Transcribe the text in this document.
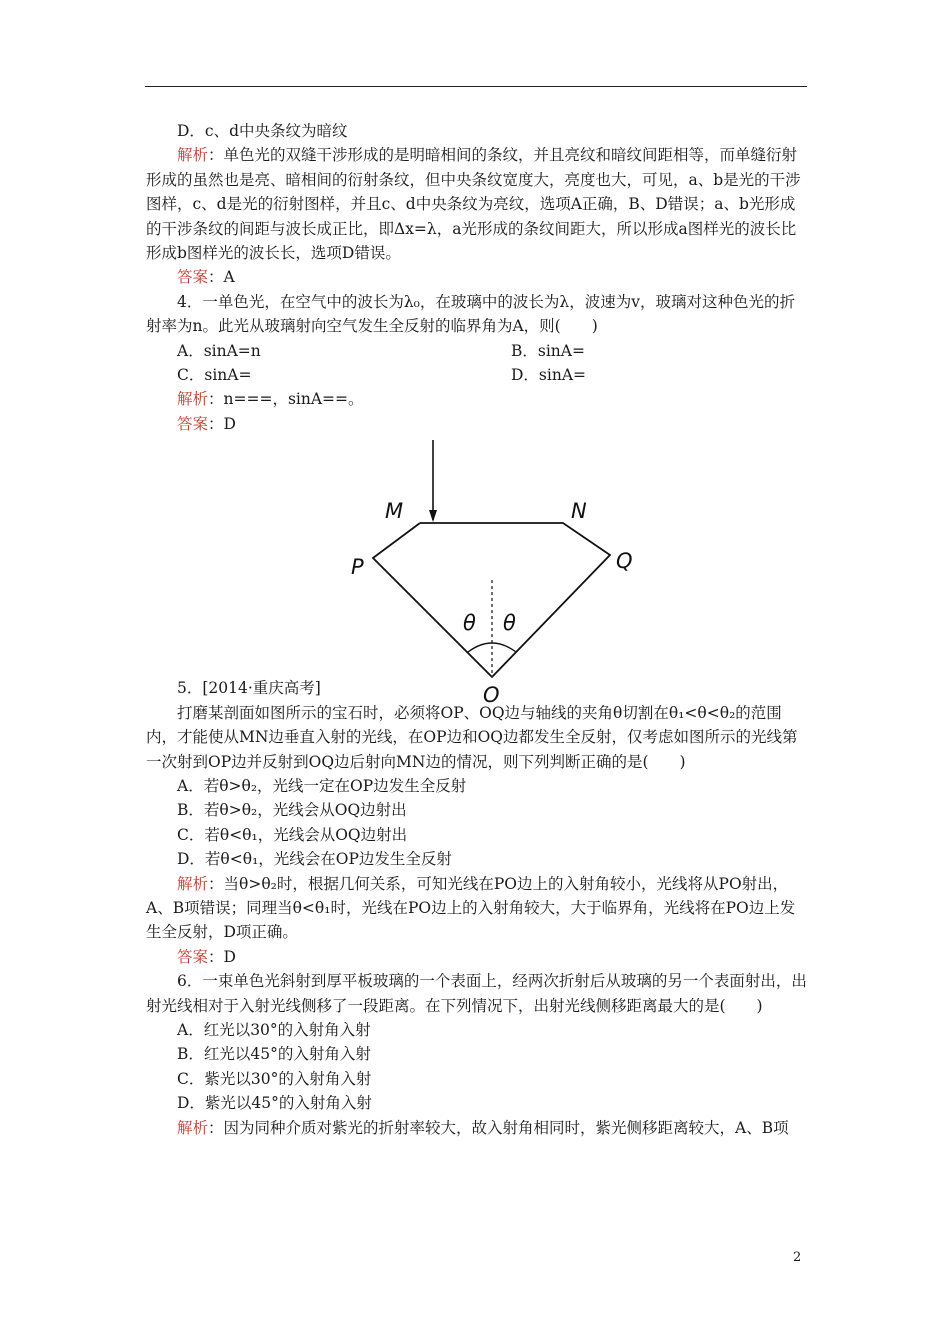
D．c、d中央条纹为暗纹

解析：单色光的双缝干涉形成的是明暗相间的条纹，并且亮纹和暗纹间距相等，而单缝衍射形成的虽然也是亮、暗相间的衍射条纹，但中央条纹宽度大，亮度也大，可见，a、b是光的干涉图样，c、d是光的衍射图样，并且c、d中央条纹为亮纹，选项A正确，B、D错误；a、b光形成的干涉条纹的间距与波长成正比，即Δx=λ，a光形成的条纹间距大，所以形成a图样光的波长比形成b图样光的波长长，选项D错误。

答案：A

4．一单色光，在空气中的波长为λ₀，在玻璃中的波长为λ，波速为v，玻璃对这种色光的折射率为n。此光从玻璃射向空气发生全反射的临界角为A，则(　　)

A．sinA=n	B．sinA=
C．sinA=	D．sinA=

解析：n===，sinA==。

答案：D

M	N
P	Q
θ θ
O

5．[2014·重庆高考]

打磨某剖面如图所示的宝石时，必须将OP、OQ边与轴线的夹角θ切割在θ₁<θ<θ₂的范围内，才能使从MN边垂直入射的光线，在OP边和OQ边都发生全反射，仅考虑如图所示的光线第一次射到OP边并反射到OQ边后射向MN边的情况，则下列判断正确的是(　　)

A．若θ>θ₂，光线一定在OP边发生全反射

B．若θ>θ₂，光线会从OQ边射出

C．若θ<θ₁，光线会从OQ边射出

D．若θ<θ₁，光线会在OP边发生全反射

解析：当θ>θ₂时，根据几何关系，可知光线在PO边上的入射角较小，光线将从PO射出，A、B项错误；同理当θ<θ₁时，光线在PO边上的入射角较大，大于临界角，光线将在PO边上发生全反射，D项正确。

答案：D

6．一束单色光斜射到厚平板玻璃的一个表面上，经两次折射后从玻璃的另一个表面射出，出射光线相对于入射光线侧移了一段距离。在下列情况下，出射光线侧移距离最大的是(　　)

A．红光以30°的入射角入射

B．红光以45°的入射角入射

C．紫光以30°的入射角入射

D．紫光以45°的入射角入射

解析：因为同种介质对紫光的折射率较大，故入射角相同时，紫光侧移距离较大，A、B项

2
